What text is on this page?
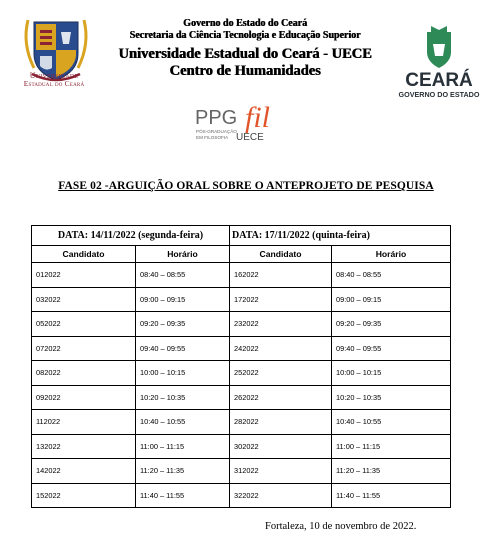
Universidade
Estadual do Ceará
Governo do Estado do Ceará
Secretaria da Ciência Tecnologia e Educação Superior
Universidade Estadual do Ceará - UECE
Centro de Humanidades	CEARÁ
GOVERNO DO ESTADO
PPG fil
PÓS-GRADUAÇÃO
EM FILOSOFIA UECE
FASE 02 -ARGUIÇÃO ORAL SOBRE O ANTEPROJETO DE PESQUISA
DATA: 14/11/2022 (segunda-feira)		DATA: 17/11/2022 (quinta-feira)	
Candidato	Horário	Candidato	Horário
012022	08:40 – 08:55	162022	08:40 – 08:55
032022	09:00 – 09:15	172022	09:00 – 09:15
052022	09:20 – 09:35	232022	09:20 – 09:35
072022	09:40 – 09:55	242022	09:40 – 09:55
082022	10:00 – 10:15	252022	10:00 – 10:15
092022	10:20 – 10:35	262022	10:20 – 10:35
112022	10:40 – 10:55	282022	10:40 – 10:55
132022	11:00 – 11:15	302022	11:00 – 11:15
142022	11:20 – 11:35	312022	11:20 – 11:35
152022	11:40 – 11:55	322022	11:40 – 11:55
Fortaleza, 10 de novembro de 2022.
